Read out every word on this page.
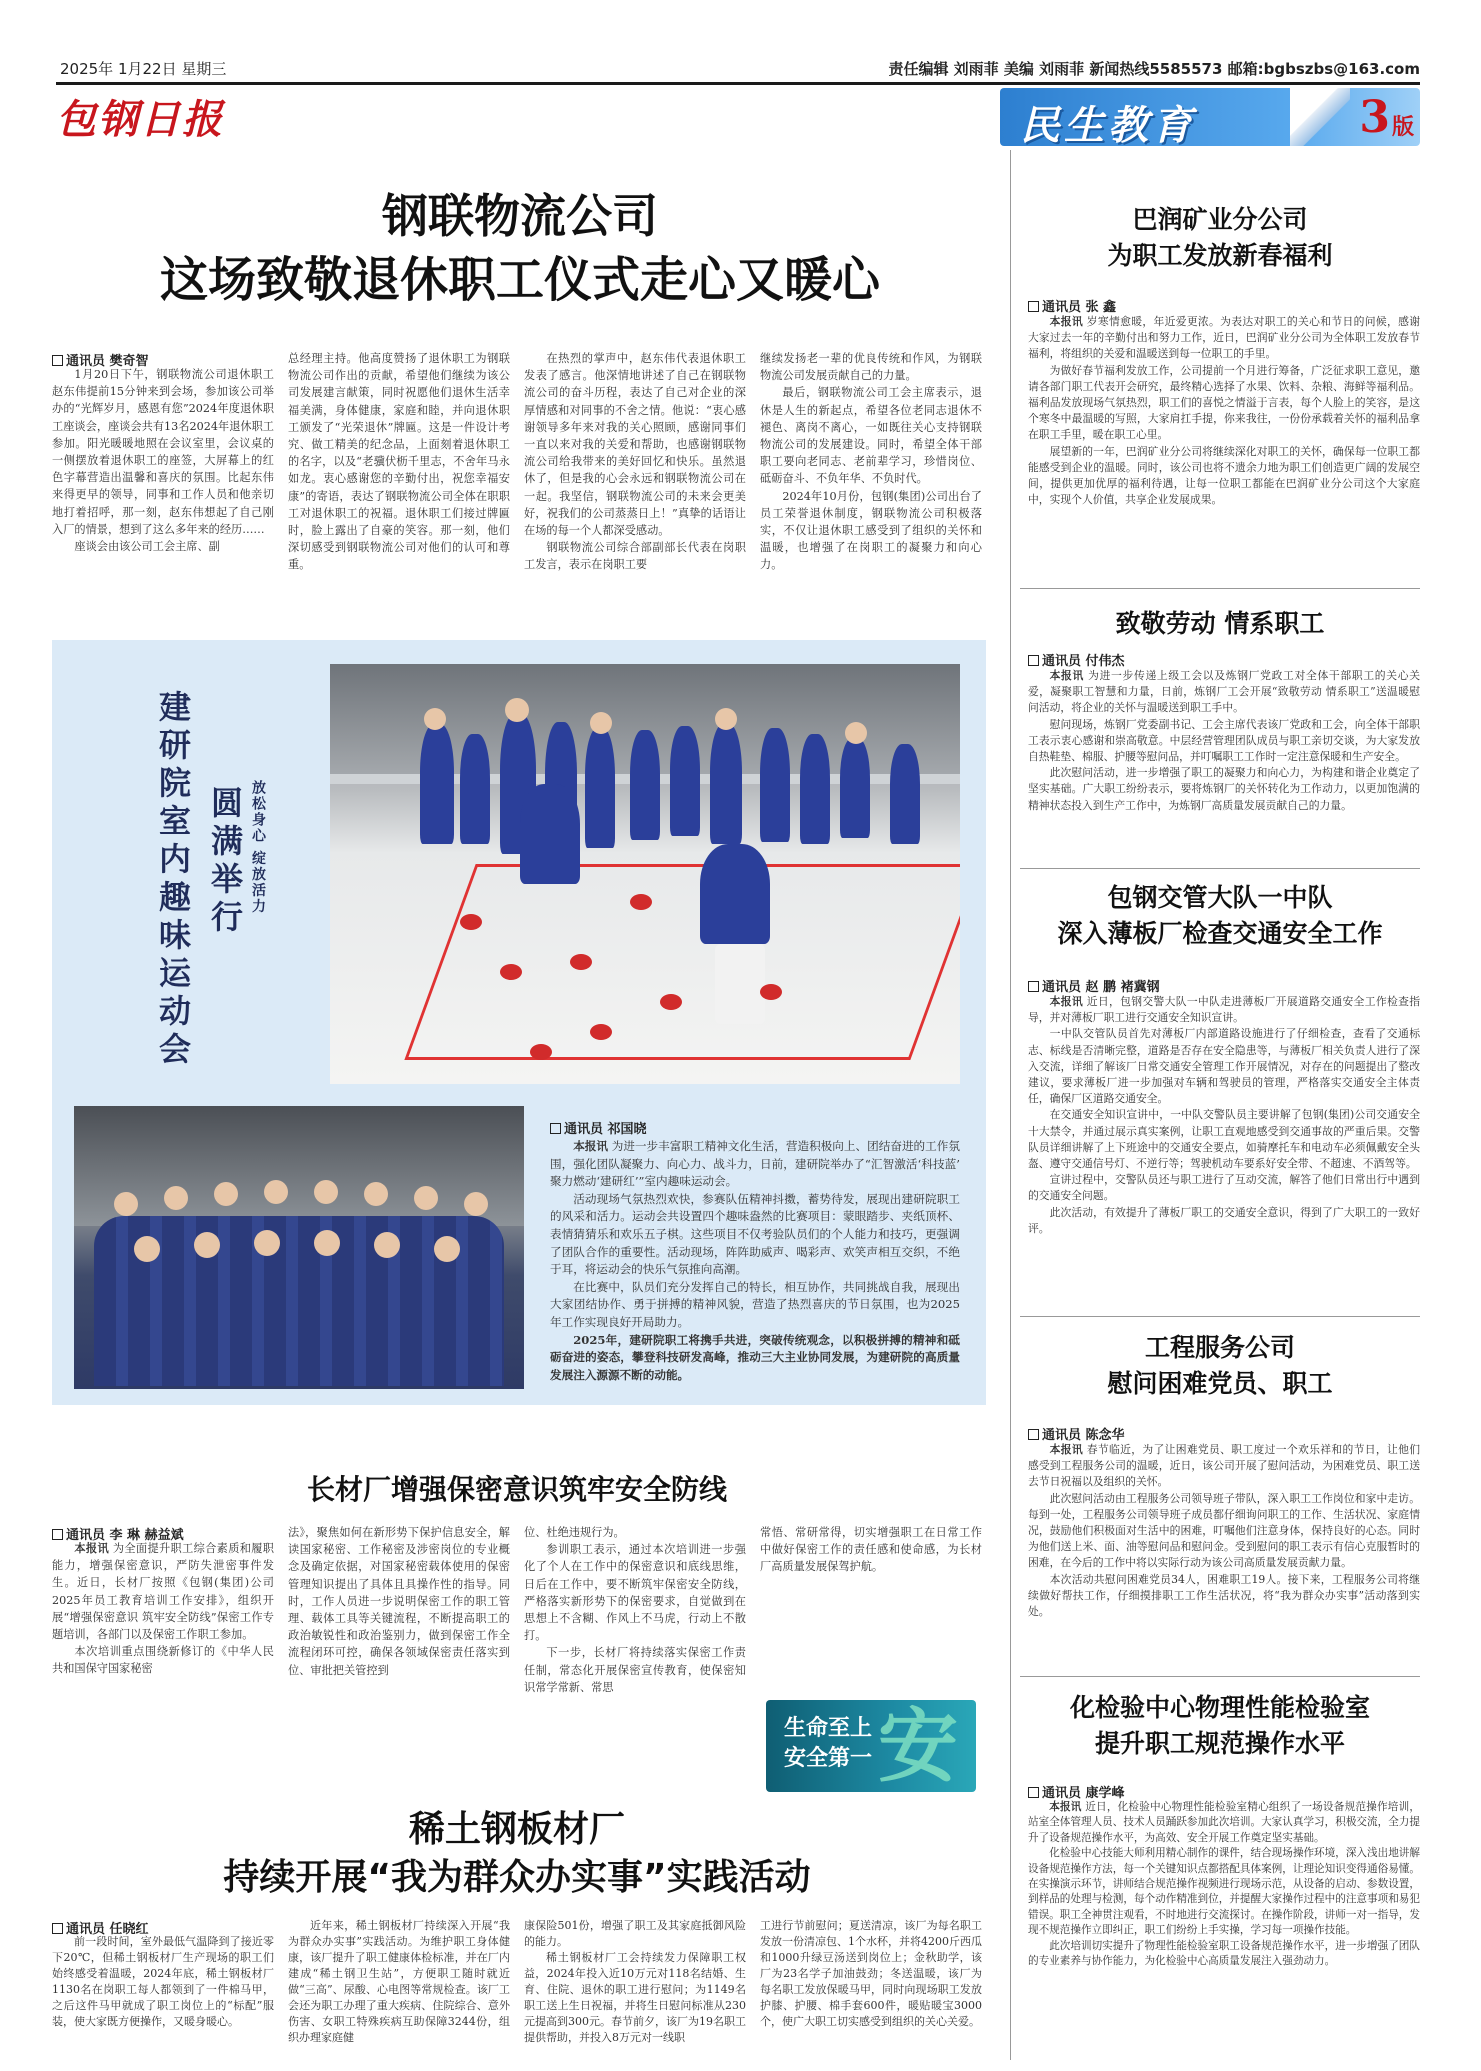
2025年 1月22日 星期三	责任编辑 刘雨菲 美编 刘雨菲 新闻热线5585573 邮箱:bgbszbs@163.com
包钢日报	民生教育	3 版
钢联物流公司
这场致敬退休职工仪式走心又暖心
通讯员 樊奇智

1月20日下午，钢联物流公司退休职工赵东伟提前15分钟来到会场，参加该公司举办的“光辉岁月，感恩有您”2024年度退休职工座谈会，座谈会共有13名2024年退休职工参加。阳光暖暖地照在会议室里，会议桌的一侧摆放着退休职工的座签，大屏幕上的红色字幕营造出温馨和喜庆的氛围。比起东伟来得更早的领导，同事和工作人员和他亲切地打着招呼，那一刻，赵东伟想起了自己刚入厂的情景，想到了这么多年来的经历……

座谈会由该公司工会主席、副

总经理主持。他高度赞扬了退休职工为钢联物流公司作出的贡献，希望他们继续为该公司发展建言献策，同时祝愿他们退休生活幸福美满，身体健康，家庭和睦，并向退休职工颁发了“光荣退休”牌匾。这是一件设计考究、做工精美的纪念品，上面刻着退休职工的名字，以及“老骥伏枥千里志，不舍年马永如龙。衷心感谢您的辛勤付出，祝您幸福安康”的寄语，表达了钢联物流公司全体在职职工对退休职工的祝福。退休职工们接过牌匾时，脸上露出了自豪的笑容。那一刻，他们深切感受到钢联物流公司对他们的认可和尊重。

在热烈的掌声中，赵东伟代表退休职工发表了感言。他深情地讲述了自己在钢联物流公司的奋斗历程，表达了自己对企业的深厚情感和对同事的不舍之情。他说：“衷心感谢领导多年来对我的关心照顾，感谢同事们一直以来对我的关爱和帮助，也感谢钢联物流公司给我带来的美好回忆和快乐。虽然退休了，但是我的心会永远和钢联物流公司在一起。我坚信，钢联物流公司的未来会更美好，祝我们的公司蒸蒸日上！”真挚的话语让在场的每一个人都深受感动。

钢联物流公司综合部副部长代表在岗职工发言，表示在岗职工要

继续发扬老一辈的优良传统和作风，为钢联物流公司发展贡献自己的力量。

最后，钢联物流公司工会主席表示，退休是人生的新起点，希望各位老同志退休不褪色、离岗不离心，一如既往关心支持钢联物流公司的发展建设。同时，希望全体干部职工要向老同志、老前辈学习，珍惜岗位、砥砺奋斗、不负年华、不负时代。

2024年10月份，包钢(集团)公司出台了员工荣誉退休制度，钢联物流公司积极落实，不仅让退休职工感受到了组织的关怀和温暖，也增强了在岗职工的凝聚力和向心力。

建研院室内趣味运动会 圆满举行 放松身心 绽放活力
通讯员 祁国晓

本报讯 为进一步丰富职工精神文化生活，营造积极向上、团结奋进的工作氛围，强化团队凝聚力、向心力、战斗力，日前，建研院举办了“汇智激活‘科技蓝’ 聚力燃动‘建研红’”室内趣味运动会。

活动现场气氛热烈欢快，参赛队伍精神抖擞，蓄势待发，展现出建研院职工的风采和活力。运动会共设置四个趣味盎然的比赛项目：蒙眼踏步、夹纸顶杯、表情猜猜乐和欢乐五子棋。这些项目不仅考验队员们的个人能力和技巧，更强调了团队合作的重要性。活动现场，阵阵助威声、喝彩声、欢笑声相互交织，不绝于耳，将运动会的快乐气氛推向高潮。

在比赛中，队员们充分发挥自己的特长，相互协作，共同挑战自我，展现出大家团结协作、勇于拼搏的精神风貌，营造了热烈喜庆的节日氛围，也为2025年工作实现良好开局助力。

2025年，建研院职工将携手共进，突破传统观念，以积极拼搏的精神和砥砺奋进的姿态，攀登科技研发高峰，推动三大主业协同发展，为建研院的高质量发展注入源源不断的动能。

长材厂增强保密意识筑牢安全防线
通讯员 李 琳 赫益斌

本报讯 为全面提升职工综合素质和履职能力，增强保密意识，严防失泄密事件发生。近日，长材厂按照《包钢(集团)公司2025年员工教育培训工作安排》，组织开展“增强保密意识 筑牢安全防线”保密工作专题培训，各部门以及保密工作职工参加。

本次培训重点围绕新修订的《中华人民共和国保守国家秘密

法》，聚焦如何在新形势下保护信息安全，解读国家秘密、工作秘密及涉密岗位的专业概念及确定依据，对国家秘密载体使用的保密管理知识提出了具体且具操作性的指导。同时，工作人员进一步说明保密工作的职工管理、载体工具等关键流程，不断提高职工的政治敏锐性和政治鉴别力，做到保密工作全流程闭环可控，确保各领域保密责任落实到位、审批把关管控到

位、杜绝违规行为。

参训职工表示，通过本次培训进一步强化了个人在工作中的保密意识和底线思维，日后在工作中，要不断筑牢保密安全防线，严格落实新形势下的保密要求，自觉做到在思想上不含糊、作风上不马虎，行动上不散打。

下一步，长材厂将持续落实保密工作责任制，常态化开展保密宣传教育，使保密知识常学常新、常思

常悟、常研常得，切实增强职工在日常工作中做好保密工作的责任感和使命感，为长材厂高质量发展保驾护航。

生命至上
安全第一 安
稀土钢板材厂
持续开展“我为群众办实事”实践活动
通讯员 任晓红

前一段时间，室外最低气温降到了接近零下20℃，但稀土钢板材厂生产现场的职工们始终感受着温暖，2024年底，稀土钢板材厂1130名在岗职工每人都领到了一件棉马甲，之后这件马甲就成了职工岗位上的“标配”服装，使大家既方便操作，又暖身暖心。

近年来，稀土钢板材厂持续深入开展“我为群众办实事”实践活动。为维护职工身体健康，该厂提升了职工健康体检标准，并在厂内建成“稀土钢卫生站”，方便职工随时就近做“三高”、尿酸、心电图等常规检查。该厂工会还为职工办理了重大疾病、住院综合、意外伤害、女职工特殊疾病互助保障3244份，组织办理家庭健

康保险501份，增强了职工及其家庭抵御风险的能力。

稀土钢板材厂工会持续发力保障职工权益，2024年投入近10万元对118名结婚、生育、住院、退休的职工进行慰问；为1149名职工送上生日祝福，并将生日慰问标准从230元提高到300元。春节前夕，该厂为19名职工提供帮助，并投入8万元对一线职

工进行节前慰问；夏送清凉，该厂为每名职工发放一份清凉包、1个水杯，并将4200斤西瓜和1000升绿豆汤送到岗位上；金秋助学，该厂为23名学子加油鼓劲；冬送温暖，该厂为每名职工发放保暖马甲，同时向现场职工发放护膝、护腰、棉手套600件，暖贴暖宝3000个，使广大职工切实感受到组织的关心关爱。

巴润矿业分公司
为职工发放新春福利
通讯员 张 鑫

本报讯 岁寒情愈暖，年近爱更浓。为表达对职工的关心和节日的问候，感谢大家过去一年的辛勤付出和努力工作，近日，巴润矿业分公司为全体职工发放春节福利，将组织的关爱和温暖送到每一位职工的手里。

为做好春节福利发放工作，公司提前一个月进行筹备，广泛征求职工意见，邀请各部门职工代表开会研究，最终精心选择了水果、饮料、杂粮、海鲜等福利品。福利品发放现场气氛热烈，职工们的喜悦之情溢于言表，每个人脸上的笑容，是这个寒冬中最温暖的写照，大家肩扛手提，你来我往，一份份承载着关怀的福利品拿在职工手里，暖在职工心里。

展望新的一年，巴润矿业分公司将继续深化对职工的关怀，确保每一位职工都能感受到企业的温暖。同时，该公司也将不遗余力地为职工们创造更广阔的发展空间，提供更加优厚的福利待遇，让每一位职工都能在巴润矿业分公司这个大家庭中，实现个人价值，共享企业发展成果。

致敬劳动 情系职工
通讯员 付伟杰

本报讯 为进一步传递上级工会以及炼钢厂党政工对全体干部职工的关心关爱，凝聚职工智慧和力量，日前，炼钢厂工会开展“致敬劳动 情系职工”送温暖慰问活动，将企业的关怀与温暖送到职工手中。

慰问现场，炼钢厂党委副书记、工会主席代表该厂党政和工会，向全体干部职工表示衷心感谢和崇高敬意。中层经营管理团队成员与职工亲切交谈，为大家发放自热鞋垫、棉服、护腰等慰问品，并叮嘱职工工作时一定注意保暖和生产安全。

此次慰问活动，进一步增强了职工的凝聚力和向心力，为构建和谐企业奠定了坚实基础。广大职工纷纷表示，要将炼钢厂的关怀转化为工作动力，以更加饱满的精神状态投入到生产工作中，为炼钢厂高质量发展贡献自己的力量。

包钢交管大队一中队
深入薄板厂检查交通安全工作
通讯员 赵 鹏 褚冀钢

本报讯 近日，包钢交警大队一中队走进薄板厂开展道路交通安全工作检查指导，并对薄板厂职工进行交通安全知识宣讲。

一中队交管队员首先对薄板厂内部道路设施进行了仔细检查，查看了交通标志、标线是否清晰完整，道路是否存在安全隐患等，与薄板厂相关负责人进行了深入交流，详细了解该厂日常交通安全管理工作开展情况，对存在的问题提出了整改建议，要求薄板厂进一步加强对车辆和驾驶员的管理，严格落实交通安全主体责任，确保厂区道路交通安全。

在交通安全知识宣讲中，一中队交警队员主要讲解了包钢(集团)公司交通安全十大禁令，并通过展示真实案例，让职工直观地感受到交通事故的严重后果。交警队员详细讲解了上下班途中的交通安全要点，如骑摩托车和电动车必须佩戴安全头盔、遵守交通信号灯、不逆行等；驾驶机动车要系好安全带、不超速、不酒驾等。

宣讲过程中，交警队员还与职工进行了互动交流，解答了他们日常出行中遇到的交通安全问题。

此次活动，有效提升了薄板厂职工的交通安全意识，得到了广大职工的一致好评。

工程服务公司
慰问困难党员、职工
通讯员 陈念华

本报讯 春节临近，为了让困难党员、职工度过一个欢乐祥和的节日，让他们感受到工程服务公司的温暖，近日，该公司开展了慰问活动，为困难党员、职工送去节日祝福以及组织的关怀。

此次慰问活动由工程服务公司领导班子带队，深入职工工作岗位和家中走访。每到一处，工程服务公司领导班子成员都仔细询问职工的工作、生活状况、家庭情况，鼓励他们积极面对生活中的困难，叮嘱他们注意身体，保持良好的心态。同时为他们送上米、面、油等慰问品和慰问金。受到慰问的职工表示有信心克服暂时的困难，在今后的工作中将以实际行动为该公司高质量发展贡献力量。

本次活动共慰问困难党员34人，困难职工19人。接下来，工程服务公司将继续做好帮扶工作，仔细摸排职工工作生活状况，将“我为群众办实事”活动落到实处。

化检验中心物理性能检验室
提升职工规范操作水平
通讯员 康学峰

本报讯 近日，化检验中心物理性能检验室精心组织了一场设备规范操作培训，站室全体管理人员、技术人员踊跃参加此次培训。大家认真学习，积极交流，全力提升了设备规范操作水平，为高效、安全开展工作奠定坚实基础。

化检验中心技能大师利用精心制作的课件，结合现场操作环境，深入浅出地讲解设备规范操作方法，每一个关键知识点都搭配具体案例，让理论知识变得通俗易懂。在实操演示环节，讲师结合规范操作视频进行现场示范，从设备的启动、参数设置，到样品的处理与检测，每个动作精准到位，并提醒大家操作过程中的注意事项和易犯错误。职工全神贯注观看，不时地进行交流探讨。在操作阶段，讲师一对一指导，发现不规范操作立即纠正，职工们纷纷上手实操，学习每一项操作技能。

此次培训切实提升了物理性能检验室职工设备规范操作水平，进一步增强了团队的专业素养与协作能力，为化检验中心高质量发展注入强劲动力。
